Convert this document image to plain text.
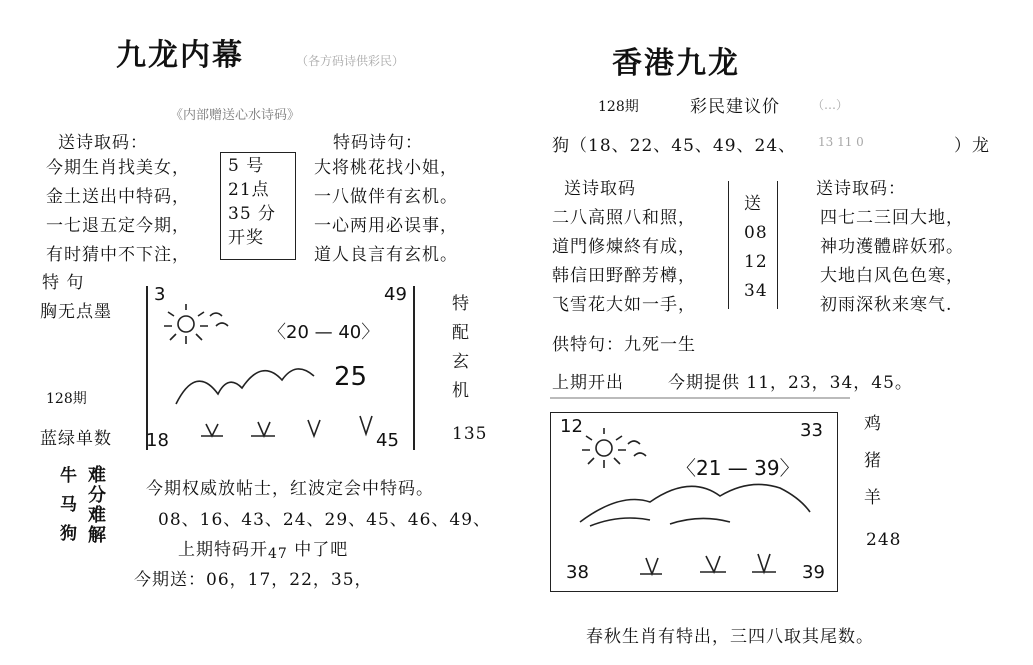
九龙内幕	（各方码诗供彩民）
《内部赠送心水诗码》
送诗取码：	特码诗句：
今期生肖找美女，
金土送出中特码，
一七退五定今期，
有时猜中不下注，
5 号
21点
35 分
开奖
大将桃花找小姐，
一八做伴有玄机。
一心两用必误事，
道人良言有玄机。
特 句
胸无点墨
128期
蓝绿单数
3	49
〈20 — 40〉
25
18	45
特
配
玄
机
135
牛
马
狗
难
分
难
解
今期权威放帖士，红波定会中特码。
08、16、43、24、29、45、46、49、
上期特码开47 中了吧
今期送：06，17，22，35，
香港九龙
128期	彩民建议价	（…）
狗（18、22、45、49、24、 13 11 0	）龙
送诗取码	送诗取码：
二八高照八和照，
道門修煉終有成，
韩信田野醉芳樽，
飞雪花大如一手，
送
08
12
34
四七二三回大地，
神功濩體辟妖邪。
大地白风色色寒，
初雨深秋来寒气.
供特句：九死一生
上期开出	今期提供 11，23，34，45。
12	33
〈21 — 39〉
38	39
鸡
猪
羊
248
春秋生肖有特出，三四八取其尾数。
